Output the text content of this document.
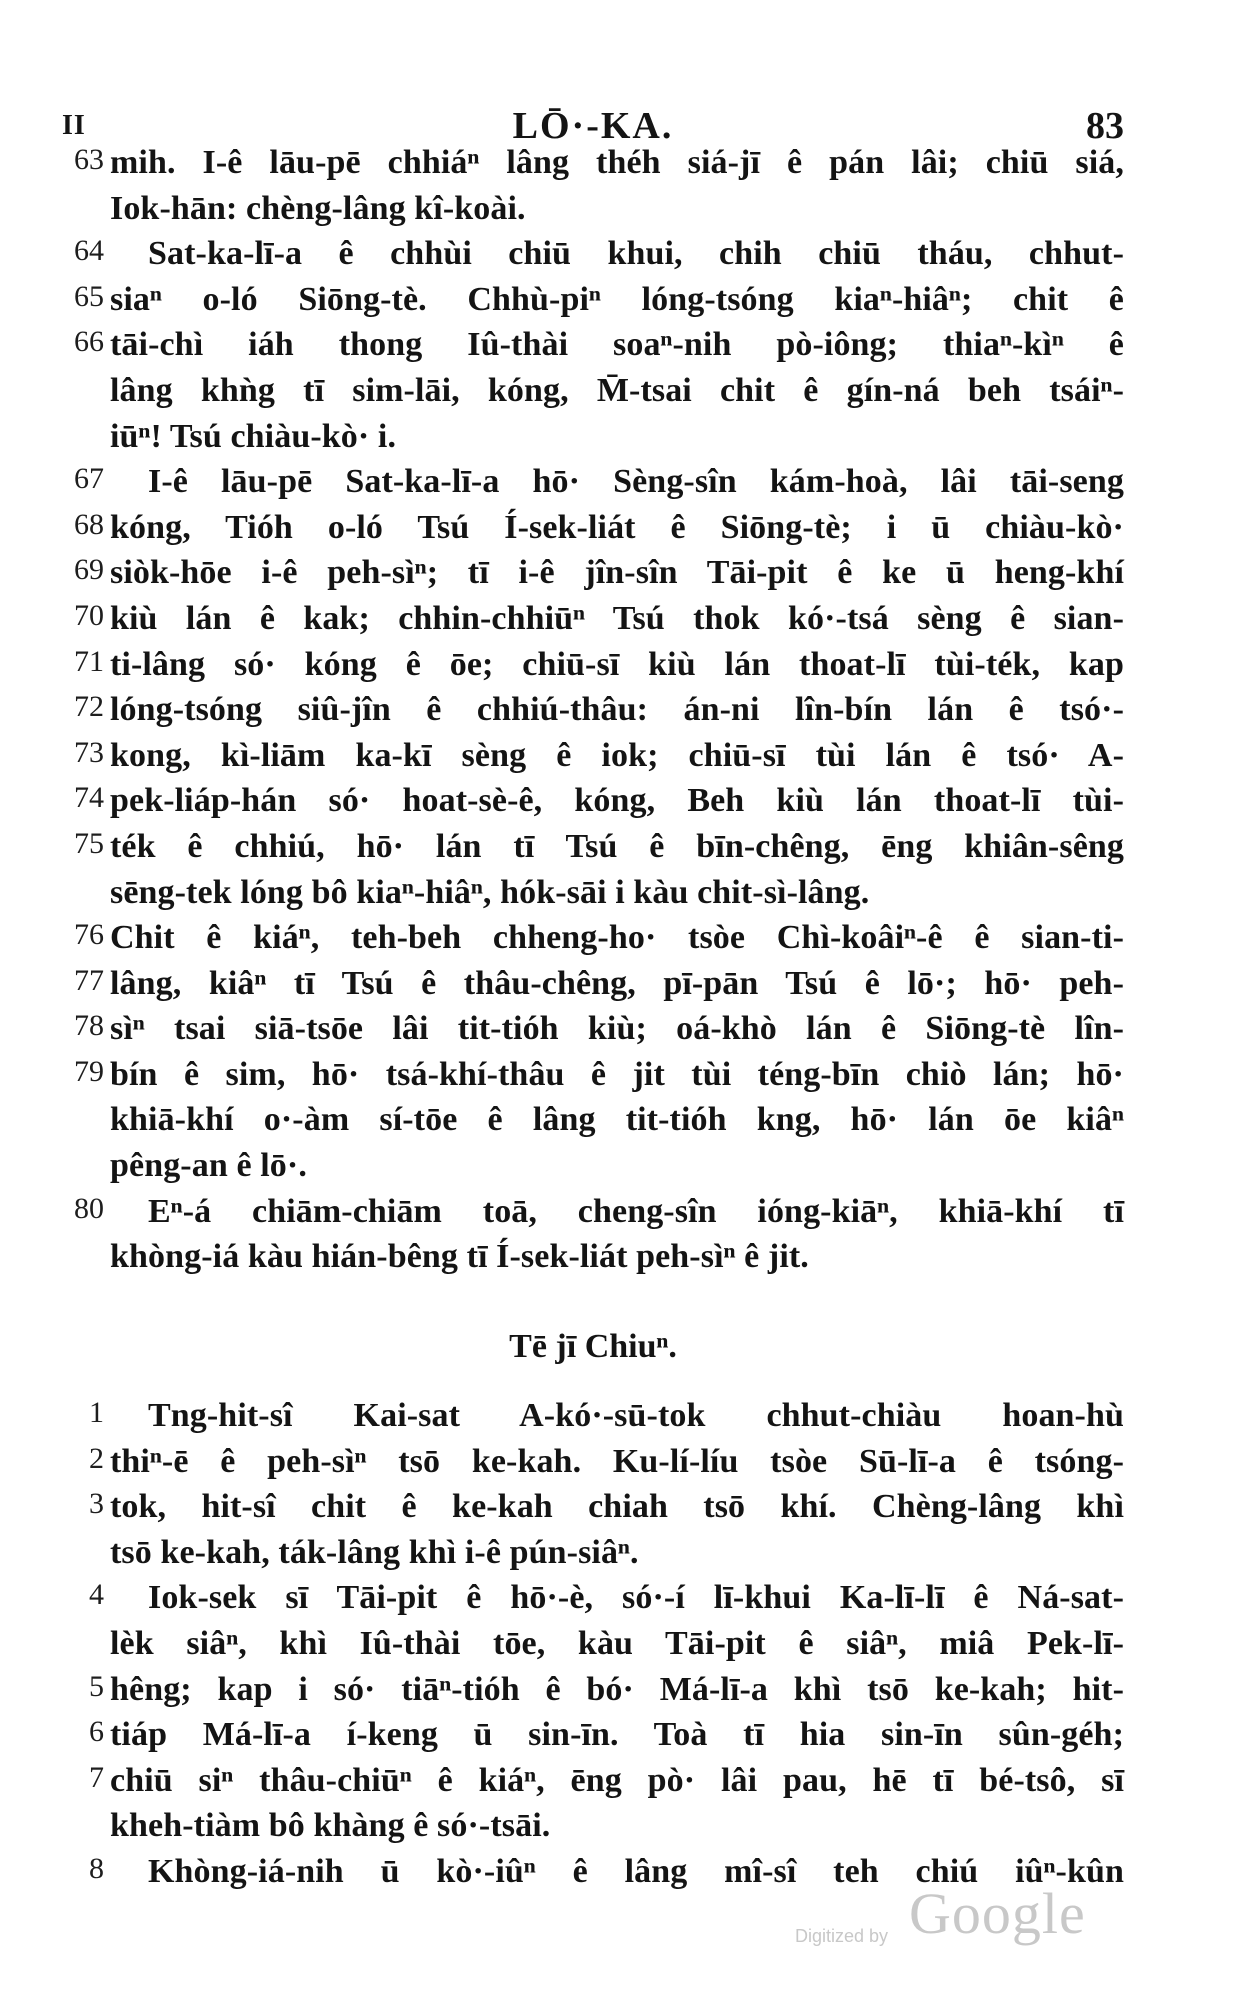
II	LŌ·-KA.	83
63 mih. I-ê lāu-pē chhiáⁿ lâng théh siá-jī ê pán lâi; chiū siá,
Iok-hān: chèng-lâng kî-koài.
64 Sat-ka-lī-a ê chhùi chiū khui, chih chiū tháu, chhut-
65 siaⁿ o-ló Siōng-tè. Chhù-piⁿ lóng-tsóng kiaⁿ-hiâⁿ; chit ê
66 tāi-chì iáh thong Iû-thài soaⁿ-nih pò-iông; thiaⁿ-kìⁿ ê
lâng khǹg tī sim-lāi, kóng, M̄-tsai chit ê gín-ná beh tsáiⁿ-
iūⁿ! Tsú chiàu-kò· i.
67 I-ê lāu-pē Sat-ka-lī-a hō· Sèng-sîn kám-hoà, lâi tāi-seng
68 kóng, Tióh o-ló Tsú Í-sek-liát ê Siōng-tè; i ū chiàu-kò·
69 siòk-hōe i-ê peh-sìⁿ; tī i-ê jîn-sîn Tāi-pit ê ke ū heng-khí
70 kiù lán ê kak; chhin-chhiūⁿ Tsú thok kó·-tsá sèng ê sian-
71 ti-lâng só· kóng ê ōe; chiū-sī kiù lán thoat-lī tùi-ték, kap
72 lóng-tsóng siû-jîn ê chhiú-thâu: án-ni lîn-bín lán ê tsó·-
73 kong, kì-liām ka-kī sèng ê iok; chiū-sī tùi lán ê tsó· A-
74 pek-liáp-hán só· hoat-sè-ê, kóng, Beh kiù lán thoat-lī tùi-
75 ték ê chhiú, hō· lán tī Tsú ê bīn-chêng, ēng khiân-sêng
sēng-tek lóng bô kiaⁿ-hiâⁿ, hók-sāi i kàu chit-sì-lâng.
76 Chit ê kiáⁿ, teh-beh chheng-ho· tsòe Chì-koâiⁿ-ê ê sian-ti-
77 lâng, kiâⁿ tī Tsú ê thâu-chêng, pī-pān Tsú ê lō·; hō· peh-
78 sìⁿ tsai siā-tsōe lâi tit-tióh kiù; oá-khò lán ê Siōng-tè lîn-
79 bín ê sim, hō· tsá-khí-thâu ê jit tùi téng-bīn chiò lán; hō·
khiā-khí o·-àm sí-tōe ê lâng tit-tióh kng, hō· lán ōe kiâⁿ
pêng-an ê lō·.
80 Eⁿ-á chiām-chiām toā, cheng-sîn ióng-kiāⁿ, khiā-khí tī
khòng-iá kàu hián-bêng tī Í-sek-liát peh-sìⁿ ê jit.
Tē jī Chiuⁿ.
1 Tng-hit-sî Kai-sat A-kó·-sū-tok chhut-chiàu hoan-hù
2 thiⁿ-ē ê peh-sìⁿ tsō ke-kah. Ku-lí-líu tsòe Sū-lī-a ê tsóng-
3 tok, hit-sî chit ê ke-kah chiah tsō khí. Chèng-lâng khì
tsō ke-kah, ták-lâng khì i-ê pún-siâⁿ.
4 Iok-sek sī Tāi-pit ê hō·-è, só·-í lī-khui Ka-lī-lī ê Ná-sat-
lèk siâⁿ, khì Iû-thài tōe, kàu Tāi-pit ê siâⁿ, miâ Pek-lī-
5 hêng; kap i só· tiāⁿ-tióh ê bó· Má-lī-a khì tsō ke-kah; hit-
6 tiáp Má-lī-a í-keng ū sin-īn. Toà tī hia sin-īn sûn-géh;
7 chiū siⁿ thâu-chiūⁿ ê kiáⁿ, ēng pò· lâi pau, hē tī bé-tsô, sī
kheh-tiàm bô khàng ê só·-tsāi.
8 Khòng-iá-nih ū kò·-iûⁿ ê lâng mî-sî teh chiú iûⁿ-kûn
Digitized by Google
